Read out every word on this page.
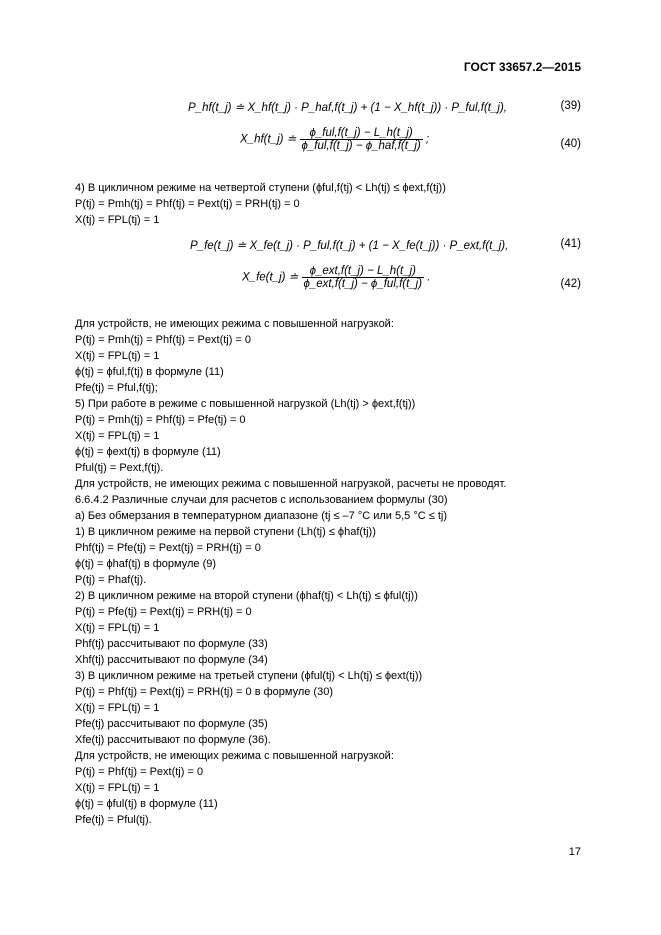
ГОСТ 33657.2—2015
P_hf(t_j) ≐ X_hf(t_j) · P_haf,f(t_j) + (1 − X_hf(t_j)) · P_ful,f(t_j),	(39)
X_hf(t_j) ≐ $\frac{\text{ϕ\_ful,f(t\_j) − L\_h(t\_j)}}{\text{ϕ\_ful,f(t\_j) − ϕ\_haf,f(t\_j)}}$ ;	(40)
4) В цикличном режиме на четвертой ступени (ϕful,f(tj) < Lh(tj) ≤ ϕext,f(tj))
P(tj) = Pmh(tj) = Phf(tj) = Pext(tj) = PRH(tj) = 0
X(tj) = FPL(tj) = 1
P_fe(t_j) ≐ X_fe(t_j) · P_ful,f(t_j) + (1 − X_fe(t_j)) · P_ext,f(t_j),	(41)
X_fe(t_j) ≐ $\frac{\text{ϕ\_ext,f(t\_j) − L\_h(t\_j)}}{\text{ϕ\_ext,f(t\_j) − ϕ\_ful,f(t\_j)}}$ .
(42)
Для устройств, не имеющих режима с повышенной нагрузкой:
P(tj) = Pmh(tj) = Phf(tj) = Pext(tj) = 0
X(tj) = FPL(tj) = 1
ϕ(tj) = ϕful,f(tj) в формуле (11)
Pfe(tj) = Pful,f(tj);
5) При работе в режиме с повышенной нагрузкой (Lh(tj) > ϕext,f(tj))
P(tj) = Pmh(tj) = Phf(tj) = Pfe(tj) = 0
X(tj) = FPL(tj) = 1
ϕ(tj) = ϕext(tj) в формуле (11)
Pful(tj) = Pext,f(tj).
Для устройств, не имеющих режима с повышенной нагрузкой, расчеты не проводят.
6.6.4.2 Различные случаи для расчетов с использованием формулы (30)
а) Без обмерзания в температурном диапазоне (tj ≤ –7 °C или 5,5 °C ≤ tj)
1) В цикличном режиме на первой ступени (Lh(tj) ≤ ϕhaf(tj))
Phf(tj) = Pfe(tj) = Pext(tj) = PRH(tj) = 0
ϕ(tj) = ϕhaf(tj) в формуле (9)
P(tj) = Phaf(tj).
2) В цикличном режиме на второй ступени (ϕhaf(tj) < Lh(tj) ≤ ϕful(tj))
P(tj) = Pfe(tj) = Pext(tj) = PRH(tj) = 0
X(tj) = FPL(tj) = 1
Phf(tj) рассчитывают по формуле (33)
Xhf(tj) рассчитывают по формуле (34)
3) В цикличном режиме на третьей ступени (ϕful(tj) < Lh(tj) ≤ ϕext(tj))
P(tj) = Phf(tj) = Pext(tj) = PRH(tj) = 0 в формуле (30)
X(tj) = FPL(tj) = 1
Pfe(tj) рассчитывают по формуле (35)
Xfe(tj) рассчитывают по формуле (36).
Для устройств, не имеющих режима с повышенной нагрузкой:
P(tj) = Phf(tj) = Pext(tj) = 0
X(tj) = FPL(tj) = 1
ϕ(tj) = ϕful(tj) в формуле (11)
Pfe(tj) = Pful(tj).
17
